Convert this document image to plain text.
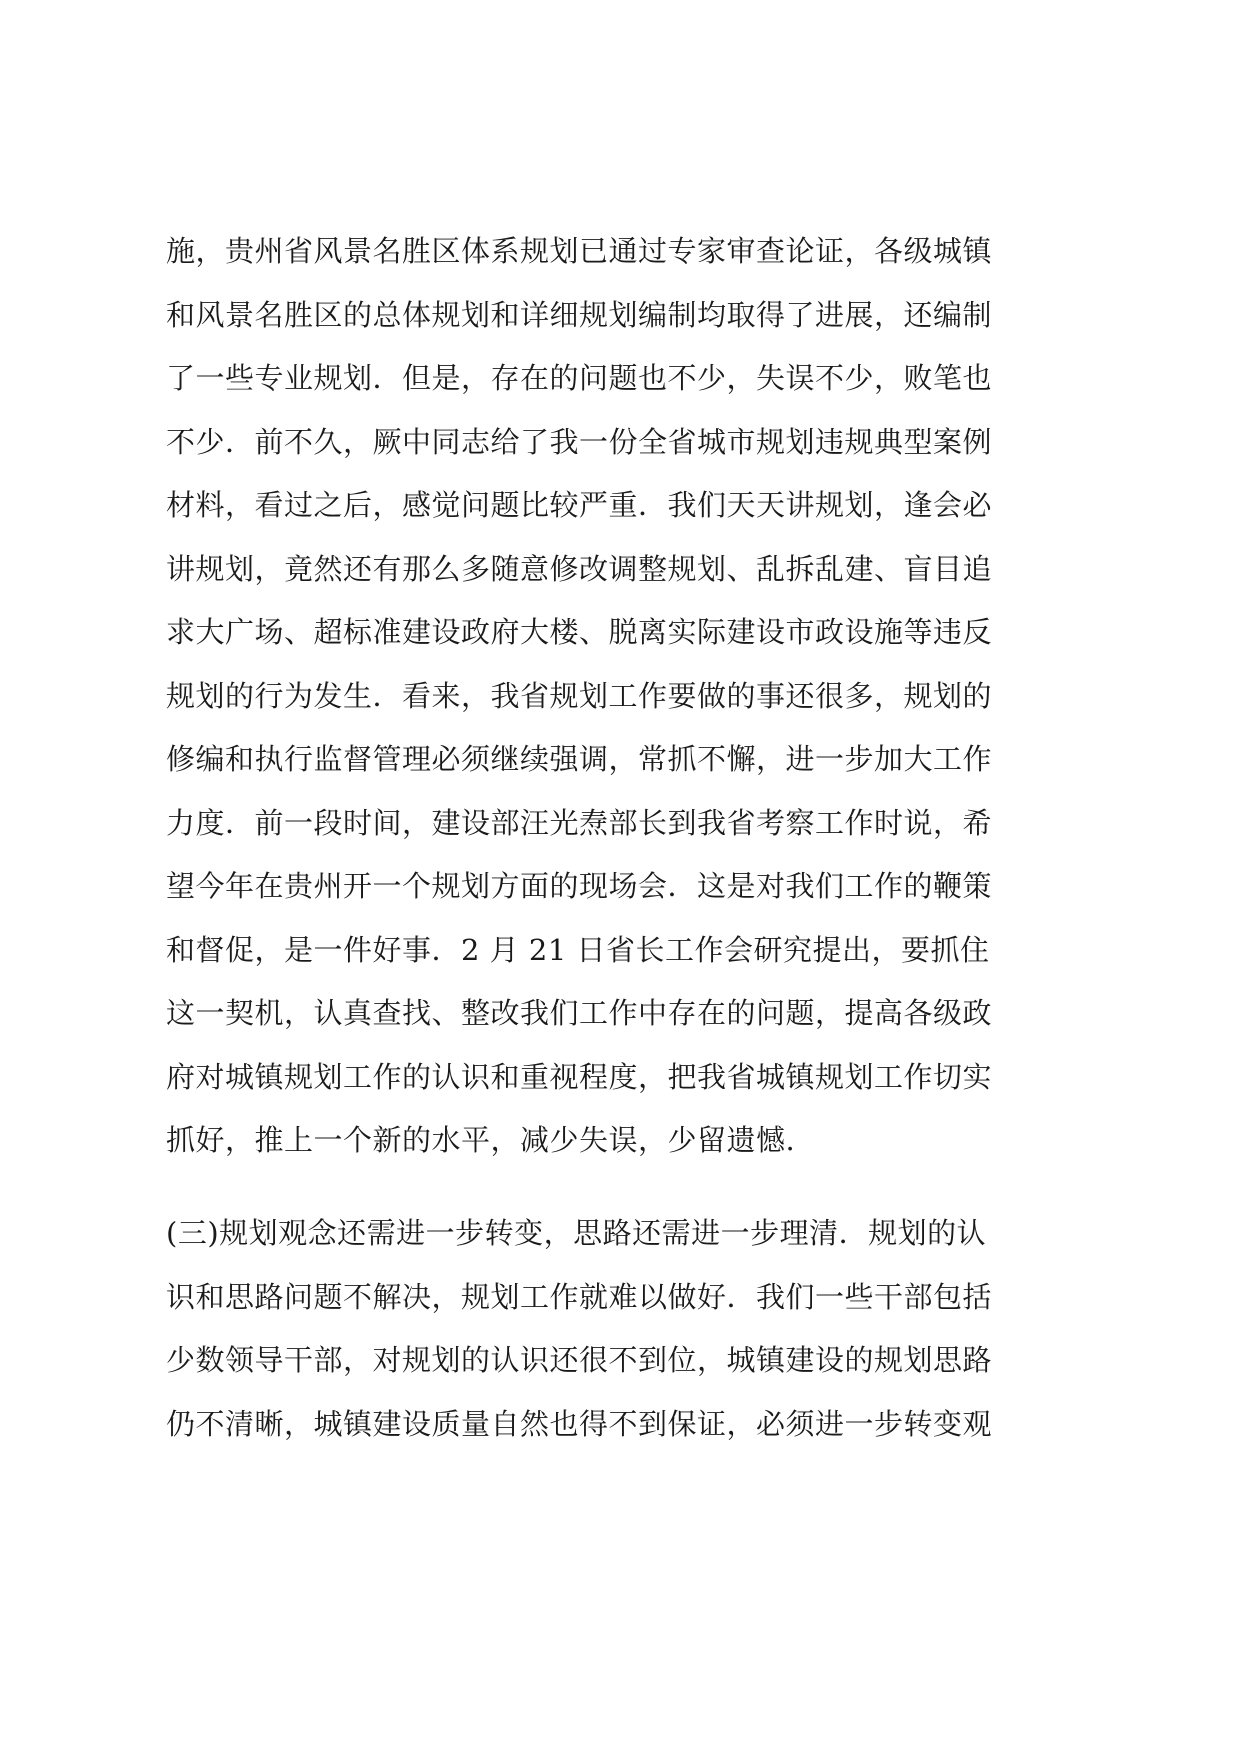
施，贵州省风景名胜区体系规划已通过专家审查论证，各级城镇
和风景名胜区的总体规划和详细规划编制均取得了进展，还编制
了一些专业规划．但是，存在的问题也不少，失误不少，败笔也
不少．前不久，厥中同志给了我一份全省城市规划违规典型案例
材料，看过之后，感觉问题比较严重．我们天天讲规划，逢会必
讲规划，竟然还有那么多随意修改调整规划、乱拆乱建、盲目追
求大广场、超标准建设政府大楼、脱离实际建设市政设施等违反
规划的行为发生．看来，我省规划工作要做的事还很多，规划的
修编和执行监督管理必须继续强调，常抓不懈，进一步加大工作
力度．前一段时间，建设部汪光焘部长到我省考察工作时说，希
望今年在贵州开一个规划方面的现场会．这是对我们工作的鞭策
和督促，是一件好事．2 月 21 日省长工作会研究提出，要抓住
这一契机，认真查找、整改我们工作中存在的问题，提高各级政
府对城镇规划工作的认识和重视程度，把我省城镇规划工作切实
抓好，推上一个新的水平，减少失误，少留遗憾.
(三)规划观念还需进一步转变，思路还需进一步理清．规划的认
识和思路问题不解决，规划工作就难以做好．我们一些干部包括
少数领导干部，对规划的认识还很不到位，城镇建设的规划思路
仍不清晰，城镇建设质量自然也得不到保证，必须进一步转变观
